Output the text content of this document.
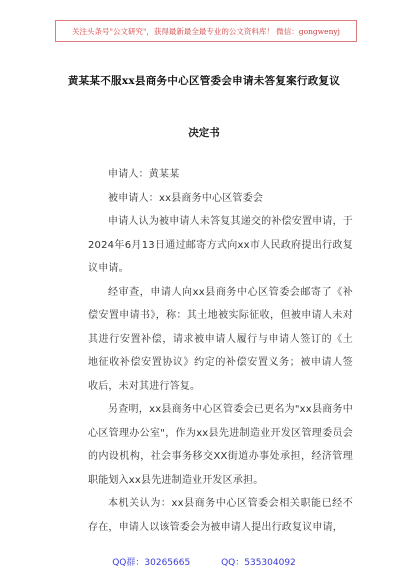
关注头条号"公文研究"，获得最新最全最专业的公文资料库！ 微信：gongwenyj
黄某某不服xx县商务中心区管委会申请未答复案行政复议
决定书

申请人：黄某某

被申请人：xx县商务中心区管委会

申请人认为被申请人未答复其递交的补偿安置申请，于2024年6月13日通过邮寄方式向xx市人民政府提出行政复议申请。

经审查，申请人向xx县商务中心区管委会邮寄了《补偿安置申请书》，称：其土地被实际征收，但被申请人未对其进行安置补偿，请求被申请人履行与申请人签订的《土地征收补偿安置协议》约定的补偿安置义务；被申请人签收后，未对其进行答复。

另查明，xx县商务中心区管委会已更名为"xx县商务中心区管理办公室"，作为xx县先进制造业开发区管理委员会的内设机构，社会事务移交XX街道办事处承担，经济管理职能划入xx县先进制造业开发区承担。

本机关认为：xx县商务中心区管委会相关职能已经不存在，申请人以该管委会为被申请人提出行政复议申请，

QQ群：30265665	QQ：535304092
